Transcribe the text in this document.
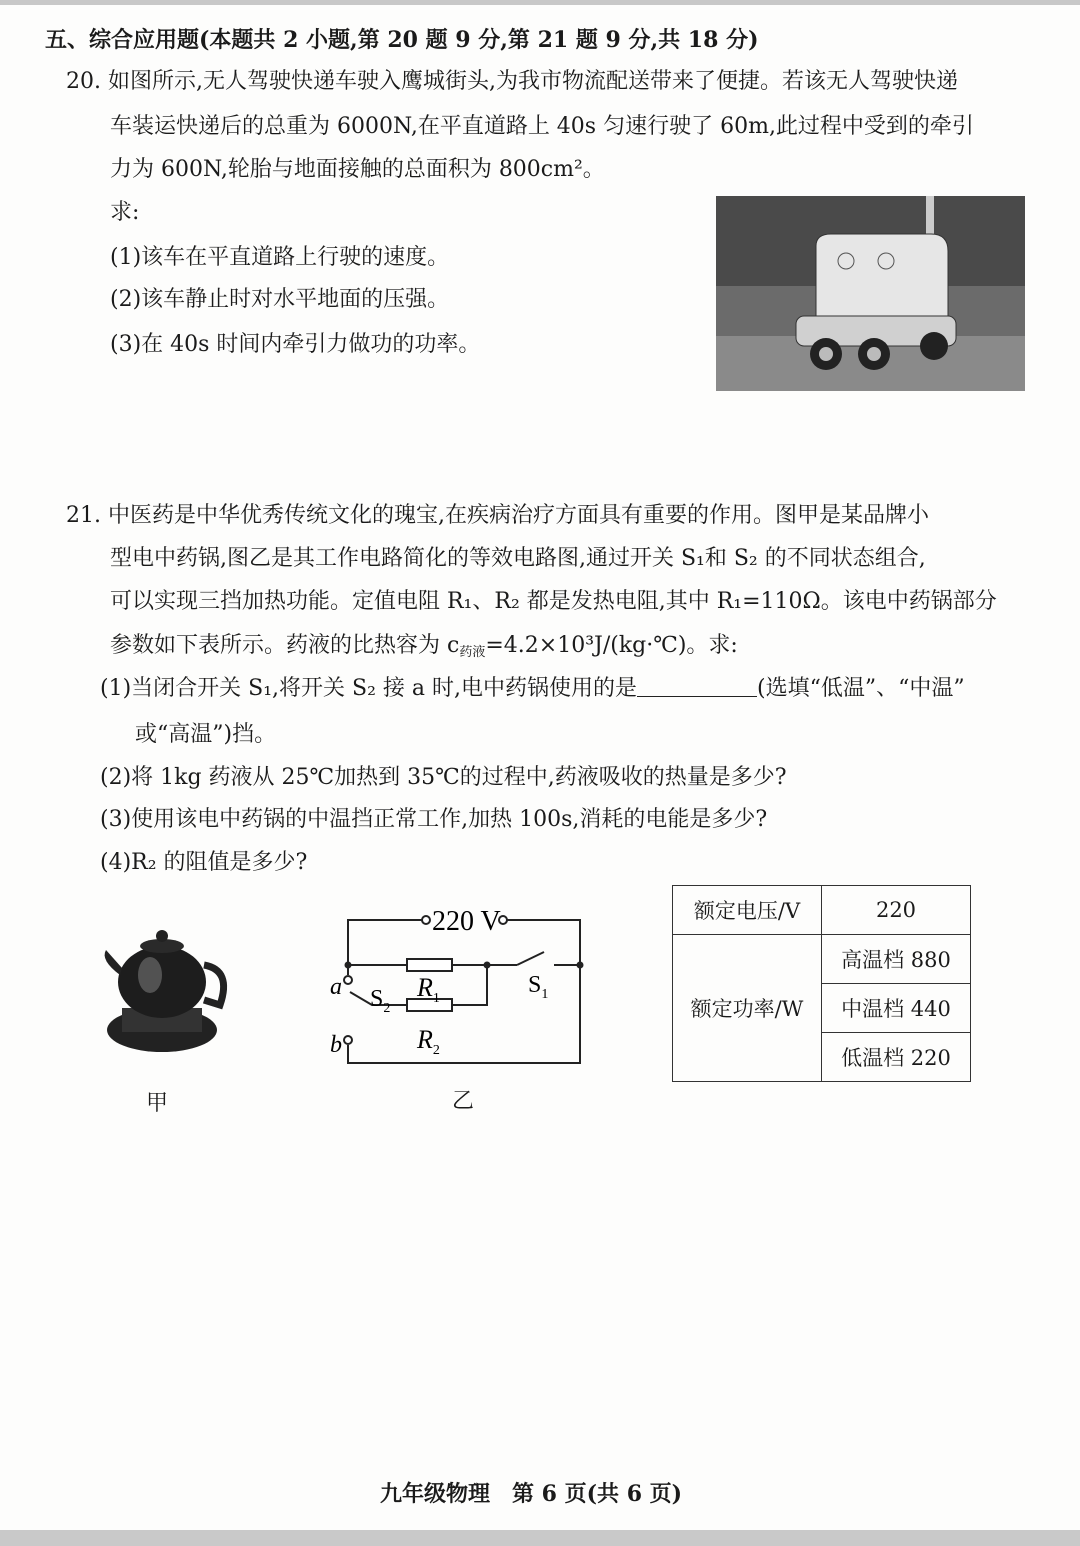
五、综合应用题(本题共 2 小题,第 20 题 9 分,第 21 题 9 分,共 18 分)
20. 如图所示,无人驾驶快递车驶入鹰城街头,为我市物流配送带来了便捷。若该无人驾驶快递
车装运快递后的总重为 6000N,在平直道路上 40s 匀速行驶了 60m,此过程中受到的牵引
力为 600N,轮胎与地面接触的总面积为 800cm²。
求:
(1)该车在平直道路上行驶的速度。
(2)该车静止时对水平地面的压强。
(3)在 40s 时间内牵引力做功的功率。
21. 中医药是中华优秀传统文化的瑰宝,在疾病治疗方面具有重要的作用。图甲是某品牌小
型电中药锅,图乙是其工作电路简化的等效电路图,通过开关 S₁和 S₂ 的不同状态组合,
可以实现三挡加热功能。定值电阻 R₁、R₂ 都是发热电阻,其中 R₁=110Ω。该电中药锅部分
参数如下表所示。药液的比热容为 $c_{药液}=4.2\times 10^3J/(kg\cdot℃)$。求:
(1)当闭合开关 S₁,将开关 S₂ 接 a 时,电中药锅使用的是	(选填“低温”、“中温”
或“高温”)挡。
(2)将 1kg 药液从 25℃加热到 35℃的过程中,药液吸收的热量是多少?
(3)使用该电中药锅的中温挡正常工作,加热 100s,消耗的电能是多少?
(4)R₂ 的阻值是多少?
甲
220 V
$R_1$
$R_2$
$S_1$
$S_2$
a
b
乙
额定电压/V	220
额定功率/W	高温档 880
	中温档 440
	低温档 220
九年级物理　第 6 页(共 6 页)
